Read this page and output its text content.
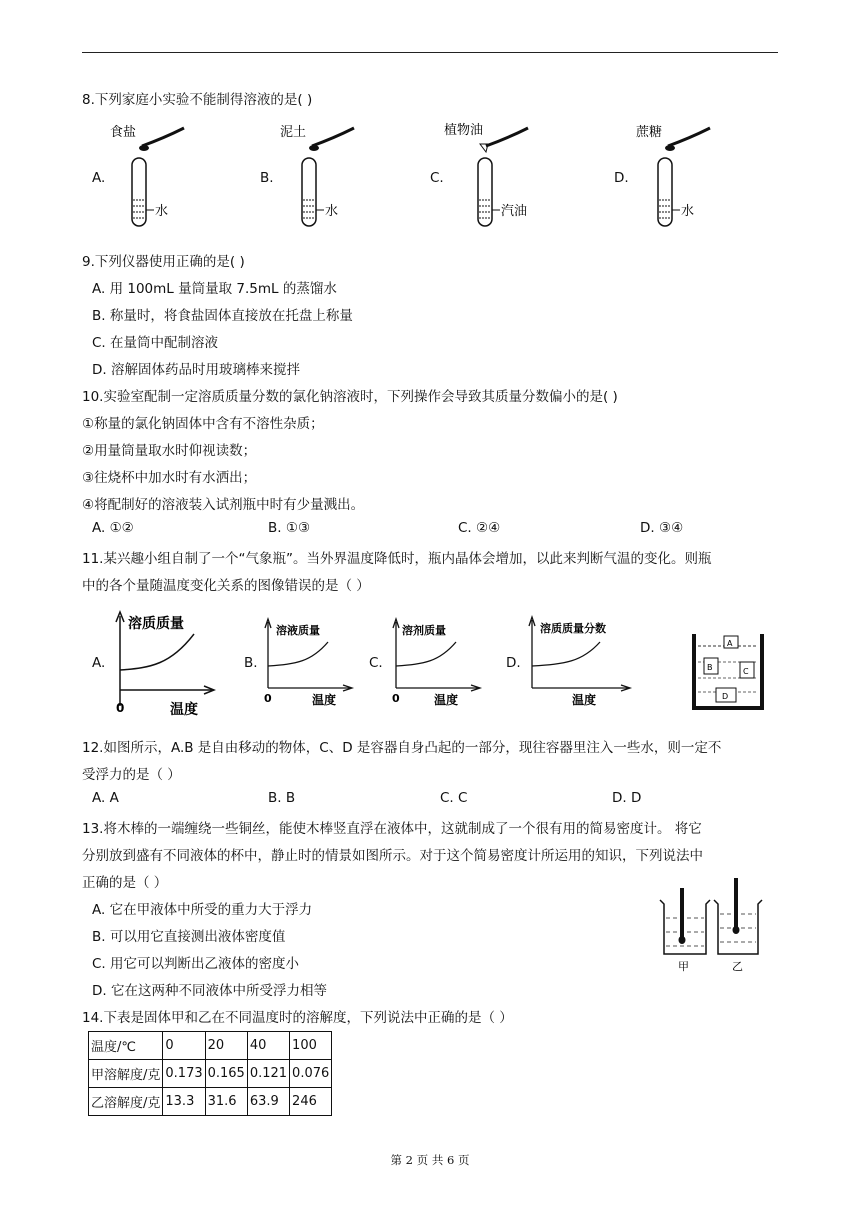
8.下列家庭小实验不能制得溶液的是( )
A.
食盐
水
B.
泥土
水
C.
植物油
汽油
D.
蔗糖
水
9.下列仪器使用正确的是( )
A. 用 100mL 量筒量取 7.5mL 的蒸馏水
B. 称量时，将食盐固体直接放在托盘上称量
C. 在量筒中配制溶液
D. 溶解固体药品时用玻璃棒来搅拌
10.实验室配制一定溶质质量分数的氯化钠溶液时，下列操作会导致其质量分数偏小的是( )
①称量的氯化钠固体中含有不溶性杂质；
②用量筒量取水时仰视读数；
③往烧杯中加水时有水洒出；
④将配制好的溶液装入试剂瓶中时有少量溅出。
A. ①②	B. ①③	C. ②④	D. ③④
11.某兴趣小组自制了一个“气象瓶”。当外界温度降低时，瓶内晶体会增加，以此来判断气温的变化。则瓶
中的各个量随温度变化关系的图像错误的是（ ）
A.
溶质质量
0	温度
B.
溶液质量
0	温度
C.
溶剂质量
0	温度
D.
溶质质量分数
温度
A
B	C
D
12.如图所示，A.B 是自由移动的物体，C、D 是容器自身凸起的一部分，现往容器里注入一些水，则一定不
受浮力的是（ ）
A. A	B. B	C. C	D. D
13.将木棒的一端缠绕一些铜丝，能使木棒竖直浮在液体中，这就制成了一个很有用的简易密度计。 将它
分别放到盛有不同液体的杯中，静止时的情景如图所示。对于这个简易密度计所运用的知识，下列说法中
正确的是（ ）
A. 它在甲液体中所受的重力大于浮力
B. 可以用它直接测出液体密度值
C. 用它可以判断出乙液体的密度小
D. 它在这两种不同液体中所受浮力相等
甲	乙
14.下表是固体甲和乙在不同温度时的溶解度，下列说法中正确的是（ ）
温度/℃	0	20	40	100
甲溶解度/克	0.173	0.165	0.121	0.076
乙溶解度/克	13.3	31.6	63.9	246
第 2 页 共 6 页
